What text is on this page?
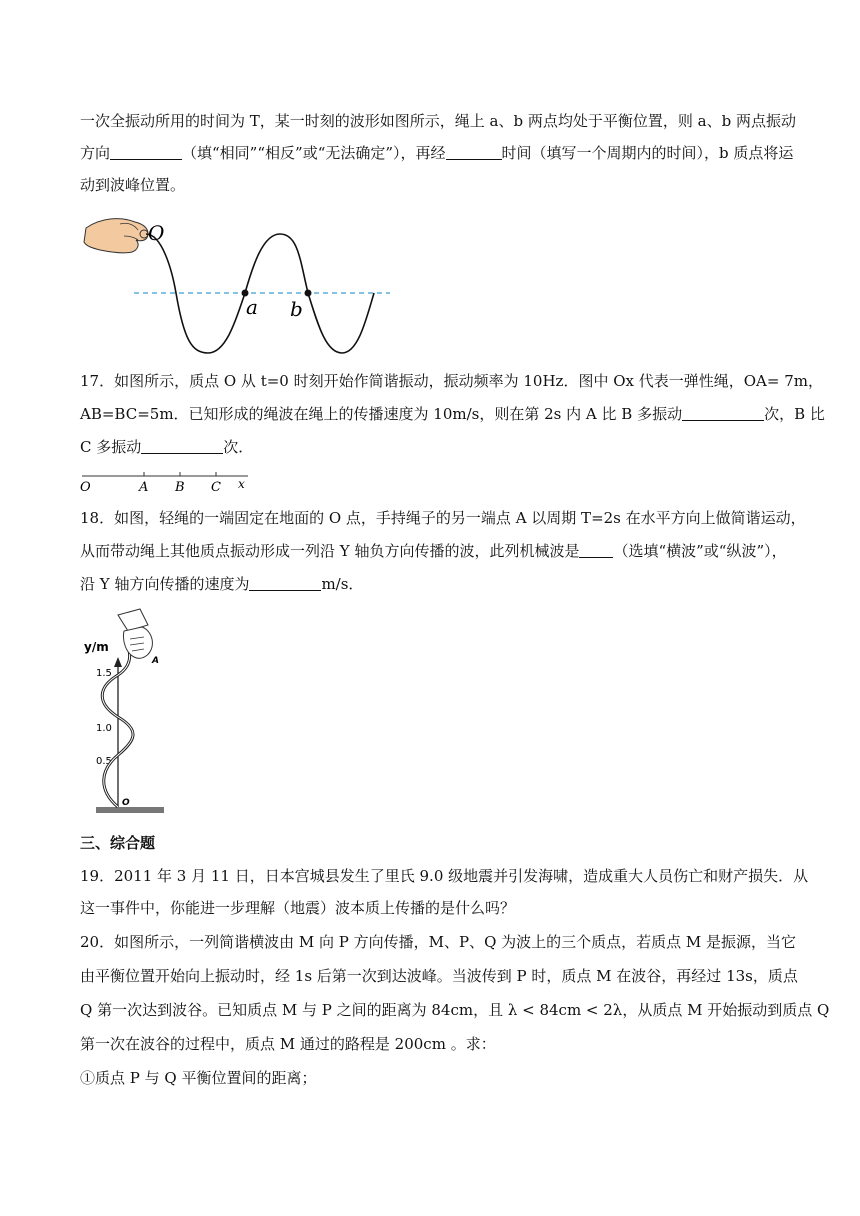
一次全振动所用的时间为 T，某一时刻的波形如图所示，绳上 a、b 两点均处于平衡位置，则 a、b 两点振动
方向	（填“相同”“相反”或“无法确定”），再经	时间（填写一个周期内的时间），b 质点将运
动到波峰位置。
O
a b
17．如图所示，质点 O 从 t=0 时刻开始作简谐振动，振动频率为 10Hz．图中 Ox 代表一弹性绳，OA= 7m，
AB=BC=5m．已知形成的绳波在绳上的传播速度为 10m/s，则在第 2s 内 A 比 B 多振动	次，B 比
C 多振动	次．
O	A B C x
18．如图，轻绳的一端固定在地面的 O 点，手持绳子的另一端点 A 以周期 T=2s 在水平方向上做简谐运动，
从而带动绳上其他质点振动形成一列沿 Y 轴负方向传播的波，此列机械波是 （选填“横波”或“纵波”），
沿 Y 轴方向传播的速度为	m/s．
y/m
1.5
1.0
0.5
A
O
三、综合题
19．2011 年 3 月 11 日，日本宫城县发生了里氏 9.0 级地震并引发海啸，造成重大人员伤亡和财产损失．从
这一事件中，你能进一步理解（地震）波本质上传播的是什么吗？
20．如图所示，一列简谐横波由 M 向 P 方向传播，M、P、Q 为波上的三个质点，若质点 M 是振源，当它
由平衡位置开始向上振动时，经 1s 后第一次到达波峰。当波传到 P 时，质点 M 在波谷，再经过 13s，质点
Q 第一次达到波谷。已知质点 M 与 P 之间的距离为 84cm，且 λ < 84cm < 2λ，从质点 M 开始振动到质点 Q
第一次在波谷的过程中，质点 M 通过的路程是 200cm 。求：
①质点 P 与 Q 平衡位置间的距离；
